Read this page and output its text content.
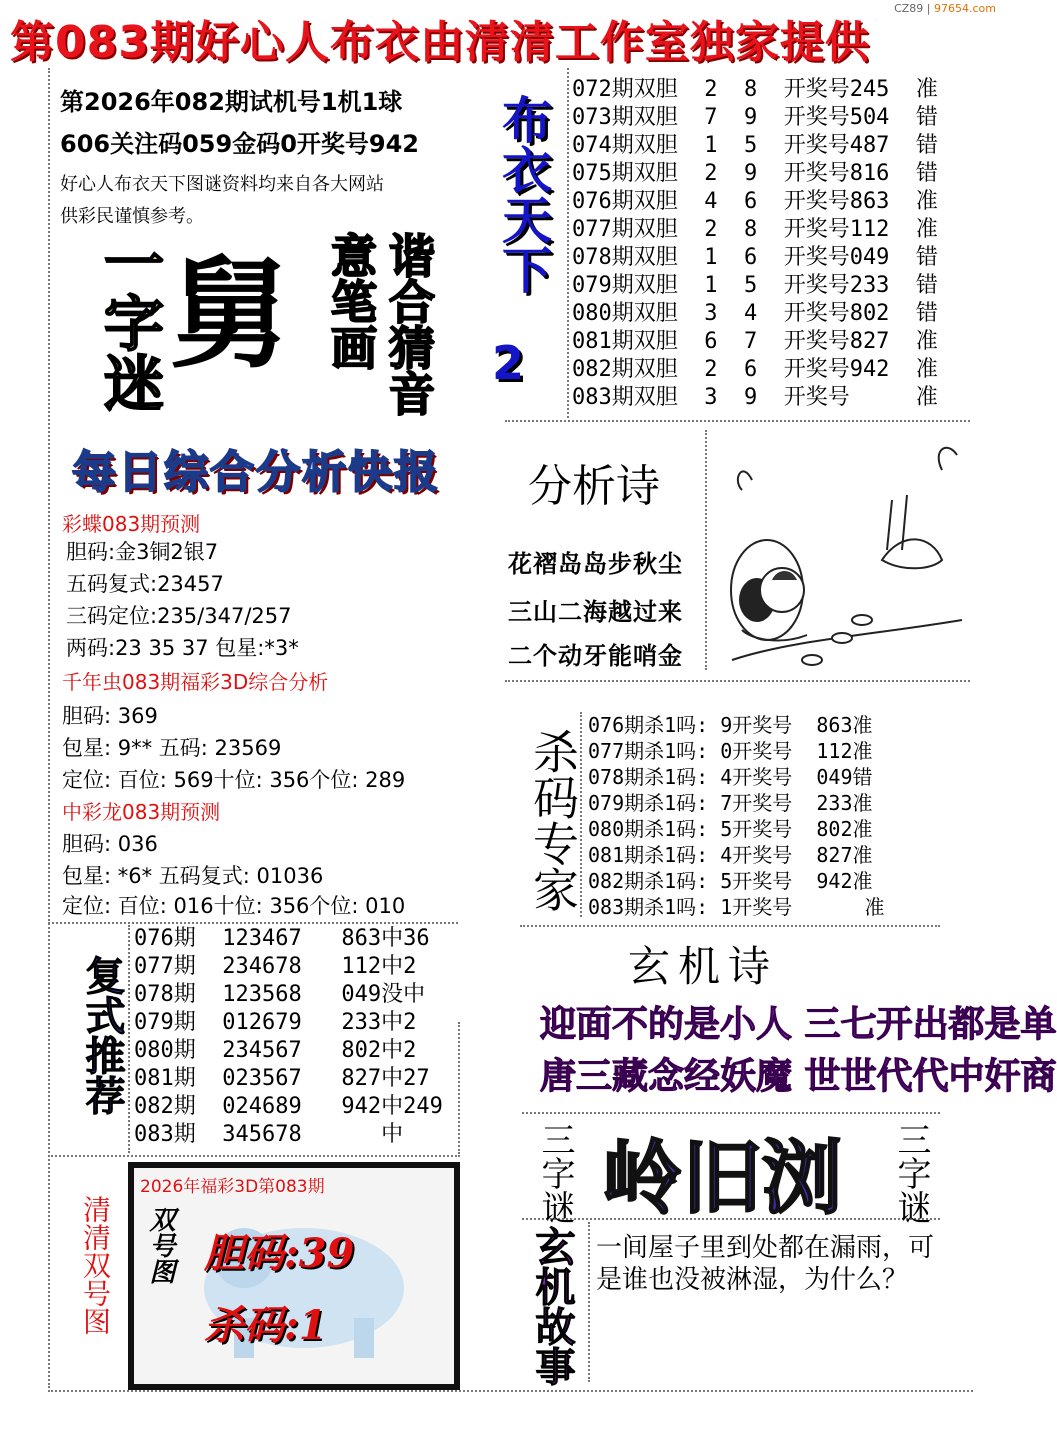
第083期好心人布衣由清清工作室独家提供
CZ89 | 97654.com
第2026年082期试机号1机1球
606关注码059金码0开奖号942
好心人布衣天下图谜资料均来自各大网站
供彩民谨慎参考。	布衣天下
2
072期双胆  2  8  开奖号245  准
073期双胆  7  9  开奖号504  错
074期双胆  1  5  开奖号487  错
075期双胆  2  9  开奖号816  错
076期双胆  4  6  开奖号863  准
077期双胆  2  8  开奖号112  准
078期双胆  1  6  开奖号049  错
079期双胆  1  5  开奖号233  错
080期双胆  3  4  开奖号802  错
081期双胆  6  7  开奖号827  准
082期双胆  2  6  开奖号942  准
083期双胆  3  9  开奖号     准
一字迷 舅	谐合猜音意笔画
每日综合分析快报
彩蝶083期预测
胆码:金3铜2银7
五码复式:23457
三码定位:235/347/257
两码:23 35 37 包星:*3*
千年虫083期福彩3D综合分析
胆码: 369
包星: 9** 五码: 23569
定位: 百位: 569十位: 356个位: 289
中彩龙083期预测
胆码: 036
包星: *6* 五码复式: 01036
定位: 百位: 016十位: 356个位: 010
分析诗
花褶岛岛步秋尘
三山二海越过来
二个动牙能哨金
杀码专家
076期杀1吗: 9开奖号  863准
077期杀1吗: 0开奖号  112准
078期杀1码: 4开奖号  049错
079期杀1码: 7开奖号  233准
080期杀1码: 5开奖号  802准
081期杀1码: 4开奖号  827准
082期杀1码: 5开奖号  942准
083期杀1吗: 1开奖号      准
玄机诗
迎面不的是小人 三七开出都是单
唐三藏念经妖魔 世世代代中奸商
复式推荐
076期  123467   863中36
077期  234678   112中2
078期  123568   049没中
079期  012679   233中2
080期  234567   802中2
081期  023567   827中27
082期  024689   942中249
083期  345678      中
清清双号图
2026年福彩3D第083期
双号图 胆码:39
杀码:1
三字谜 岭旧浏	三字谜
玄机故事 一间屋子里到处都在漏雨，可是谁也没被淋湿，为什么？
